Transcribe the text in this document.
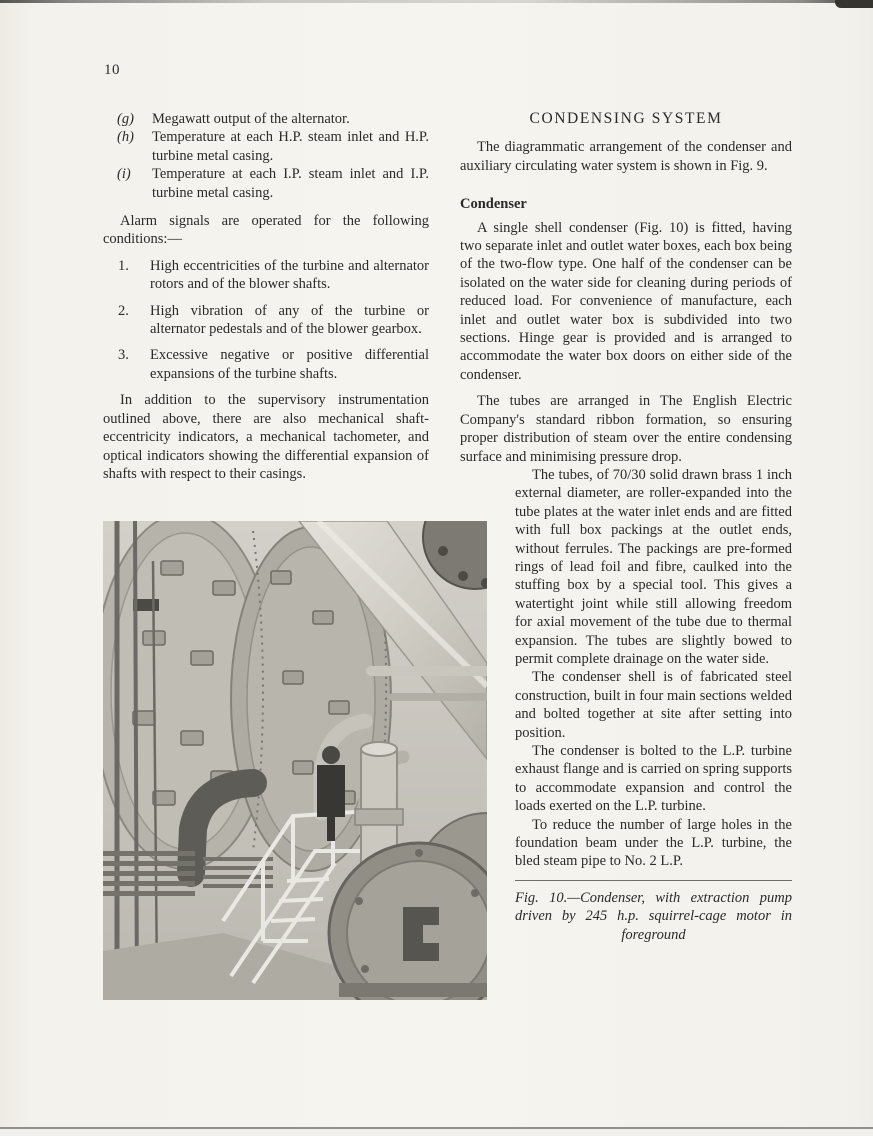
10
(g)	Megawatt output of the alternator.
(h)	Temperature at each H.P. steam inlet and H.P. turbine metal casing.
(i)	Temperature at each I.P. steam inlet and I.P. turbine metal casing.

Alarm signals are operated for the following conditions:—

1.	High eccentricities of the turbine and alternator rotors and of the blower shafts.
2.	High vibration of any of the turbine or alternator pedestals and of the blower gearbox.
3.	Excessive negative or positive differential expansions of the turbine shafts.

In addition to the supervisory instrumentation outlined above, there are also mechanical shaft-eccentricity indicators, a mechanical tachometer, and optical indicators showing the differential expansion of shafts with respect to their casings.

CONDENSING SYSTEM

The diagrammatic arrangement of the condenser and auxiliary circulating water system is shown in Fig. 9.

Condenser

A single shell condenser (Fig. 10) is fitted, having two separate inlet and outlet water boxes, each box being of the two-flow type. One half of the condenser can be isolated on the water side for cleaning during periods of reduced load. For convenience of manufacture, each inlet and outlet water box is subdivided into two sections. Hinge gear is provided and is arranged to accommodate the water box doors on either side of the condenser.

The tubes are arranged in The English Electric Company's standard ribbon formation, so ensuring proper distribution of steam over the entire condensing surface and minimising pressure drop.

The tubes, of 70/30 solid drawn brass 1 inch external diameter, are roller-expanded into the tube plates at the water inlet ends and are fitted with full box packings at the outlet ends, without ferrules. The packings are pre-formed rings of lead foil and fibre, caulked into the stuffing box by a special tool. This gives a watertight joint while still allowing freedom for axial movement of the tube due to thermal expansion. The tubes are slightly bowed to permit complete drainage on the water side.

The condenser shell is of fabricated steel construction, built in four main sections welded and bolted together at site after setting into position.

The condenser is bolted to the L.P. turbine exhaust flange and is carried on spring supports to accommodate expansion and control the loads exerted on the L.P. turbine.

To reduce the number of large holes in the foundation beam under the L.P. turbine, the bled steam pipe to No. 2 L.P.

Fig. 10.—Condenser, with extraction pump driven by 245 h.p. squirrel-cage motor in foreground
